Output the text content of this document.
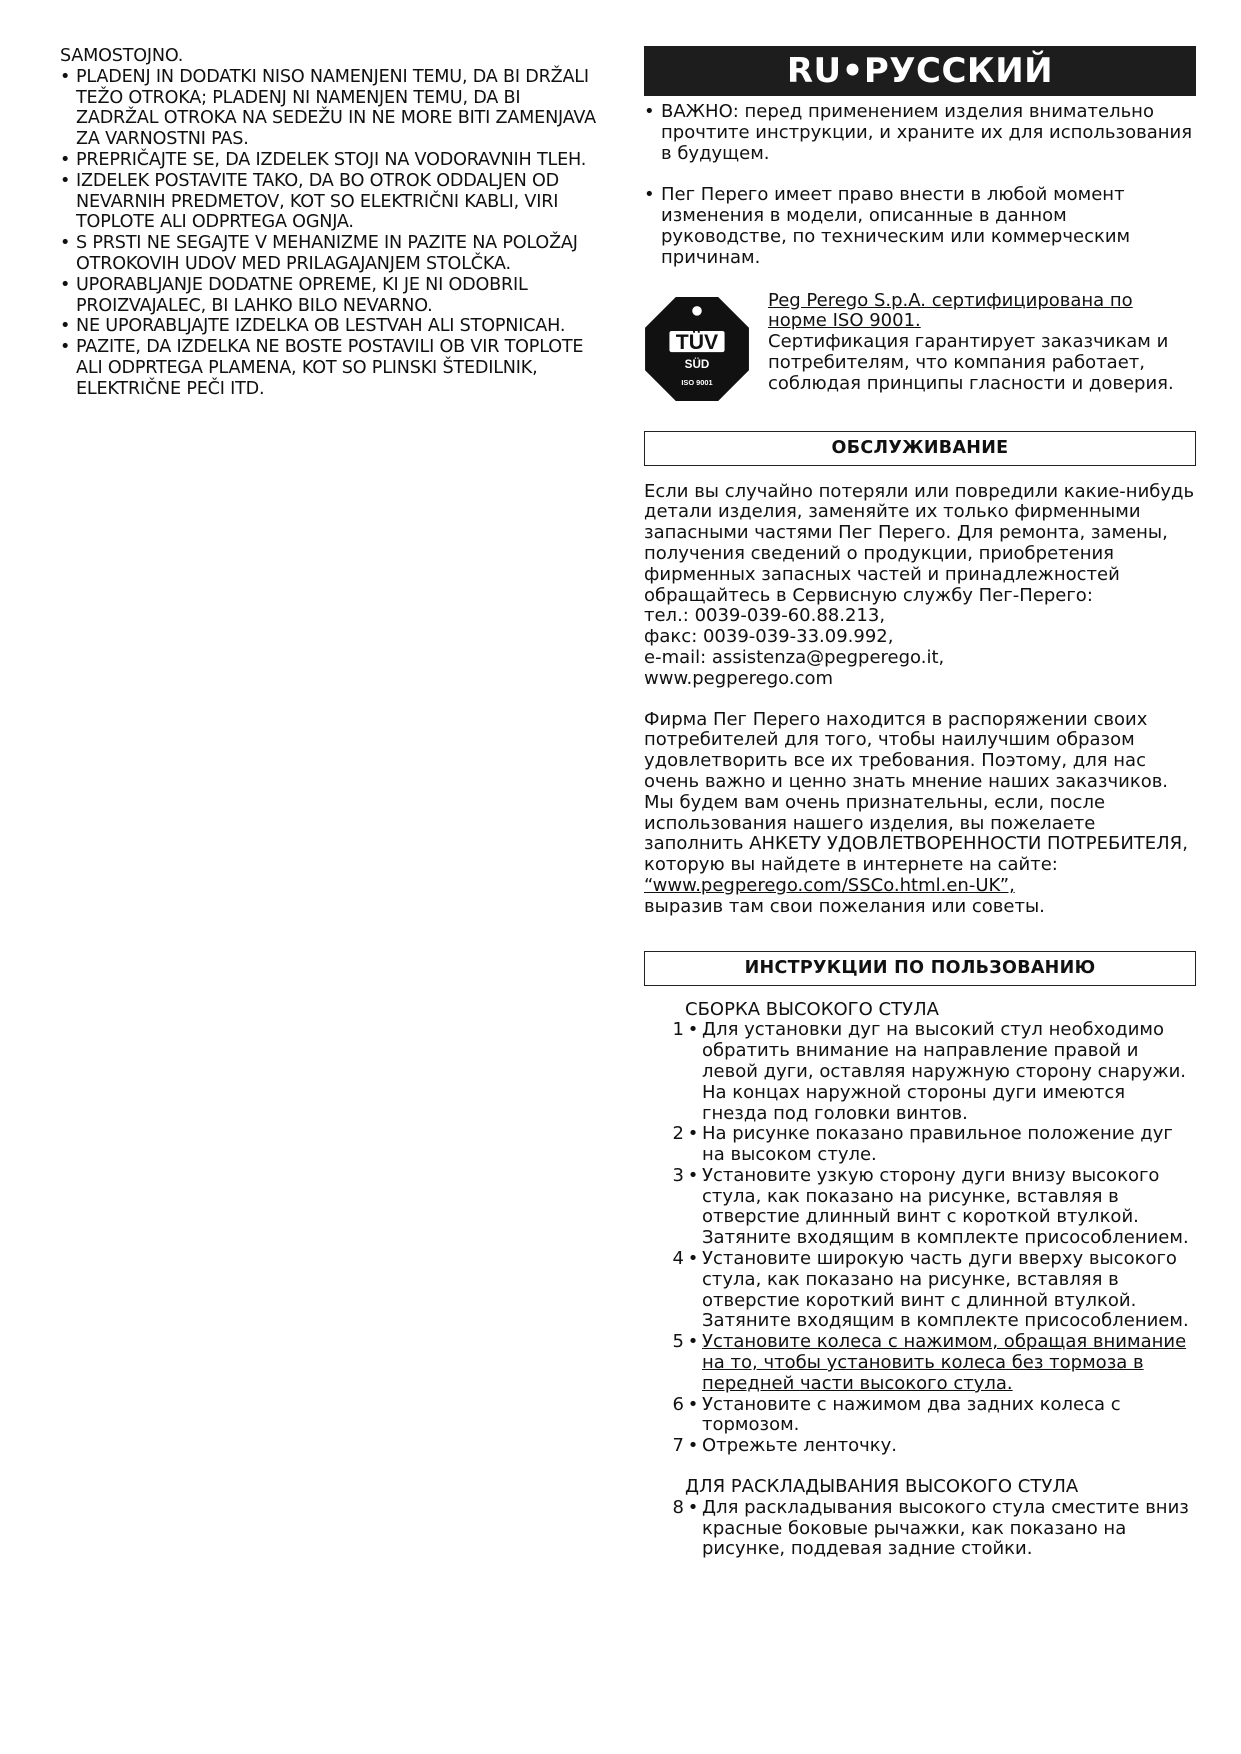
SAMOSTOJNO.

• PLADENJ IN DODATKI NISO NAMENJENI TEMU, DA BI DRŽALI TEŽO OTROKA; PLADENJ NI NAMENJEN TEMU, DA BI ZADRŽAL OTROKA NA SEDEŽU IN NE MORE BITI ZAMENJAVA ZA VARNOSTNI PAS.

• PREPRIČAJTE SE, DA IZDELEK STOJI NA VODORAVNIH TLEH.

• IZDELEK POSTAVITE TAKO, DA BO OTROK ODDALJEN OD NEVARNIH PREDMETOV, KOT SO ELEKTRIČNI KABLI, VIRI TOPLOTE ALI ODPRTEGA OGNJA.

• S PRSTI NE SEGAJTE V MEHANIZME IN PAZITE NA POLOŽAJ OTROKOVIH UDOV MED PRILAGAJANJEM STOLČKA.

• UPORABLJANJE DODATNE OPREME, KI JE NI ODOBRIL PROIZVAJALEC, BI LAHKO BILO NEVARNO.

• NE UPORABLJAJTE IZDELKA OB LESTVAH ALI STOPNICAH.

• PAZITE, DA IZDELKA NE BOSTE POSTAVILI OB VIR TOPLOTE ALI ODPRTEGA PLAMENA, KOT SO PLINSKI ŠTEDILNIK, ELEKTRIČNE PEČI ITD.

RU•РУССКИЙ

• ВАЖНО: перед применением изделия внимательно прочтите инструкции, и храните их для использования в будущем.

• Пег Перего имеет право внести в любой момент изменения в модели, описанные в данном руководстве, по техническим или коммерческим причинам.

TÜV
SÜD
ISO 9001

Peg Perego S.p.A. сертифицирована по норме ISO 9001.

Сертификация гарантирует заказчикам и потребителям, что компания работает, соблюдая принципы гласности и доверия.

ОБСЛУЖИВАНИЕ

Если вы случайно потеряли или повредили какие-нибудь детали изделия, заменяйте их только фирменными запасными частями Пег Перего. Для ремонта, замены, получения сведений о продукции, приобретения фирменных запасных частей и принадлежностей обращайтесь в Сервисную службу Пег-Перего:

тел.: 0039-039-60.88.213,

факс: 0039-039-33.09.992,

e-mail: assistenza@pegperego.it,

www.pegperego.com

Фирма Пег Перего находится в распоряжении своих потребителей для того, чтобы наилучшим образом удовлетворить все их требования. Поэтому, для нас очень важно и ценно знать мнение наших заказчиков. Мы будем вам очень признательны, если, после использования нашего изделия, вы пожелаете заполнить АНКЕТУ УДОВЛЕТВОРЕННОСТИ ПОТРЕБИТЕЛЯ, которую вы найдете в интернете на сайте:

“www.pegperego.com/SSCo.html.en-UK”,

выразив там свои пожелания или советы.

ИНСТРУКЦИИ ПО ПОЛЬЗОВАНИЮ
СБОРКА ВЫСОКОГО СТУЛА
1 • Для установки дуг на высокий стул необходимо обратить внимание на направление правой и левой дуги, оставляя наружную сторону снаружи. На концах наружной стороны дуги имеются гнезда под головки винтов.
2 • На рисунке показано правильное положение дуг на высоком стуле.
3 • Установите узкую сторону дуги внизу высокого стула, как показано на рисунке, вставляя в отверстие длинный винт с короткой втулкой. Затяните входящим в комплекте присособлением.
4 • Установите широкую часть дуги вверху высокого стула, как показано на рисунке, вставляя в отверстие короткий винт с длинной втулкой. Затяните входящим в комплекте присособлением.
5 • Установите колеса с нажимом, обращая внимание на то, чтобы установить колеса без тормоза в передней части высокого стула.
6 • Установите с нажимом два задних колеса с тормозом.
7 • Отрежьте ленточку.
ДЛЯ РАСКЛАДЫВАНИЯ ВЫСОКОГО СТУЛА
8 • Для раскладывания высокого стула сместите вниз красные боковые рычажки, как показано на рисунке, поддевая задние стойки.
